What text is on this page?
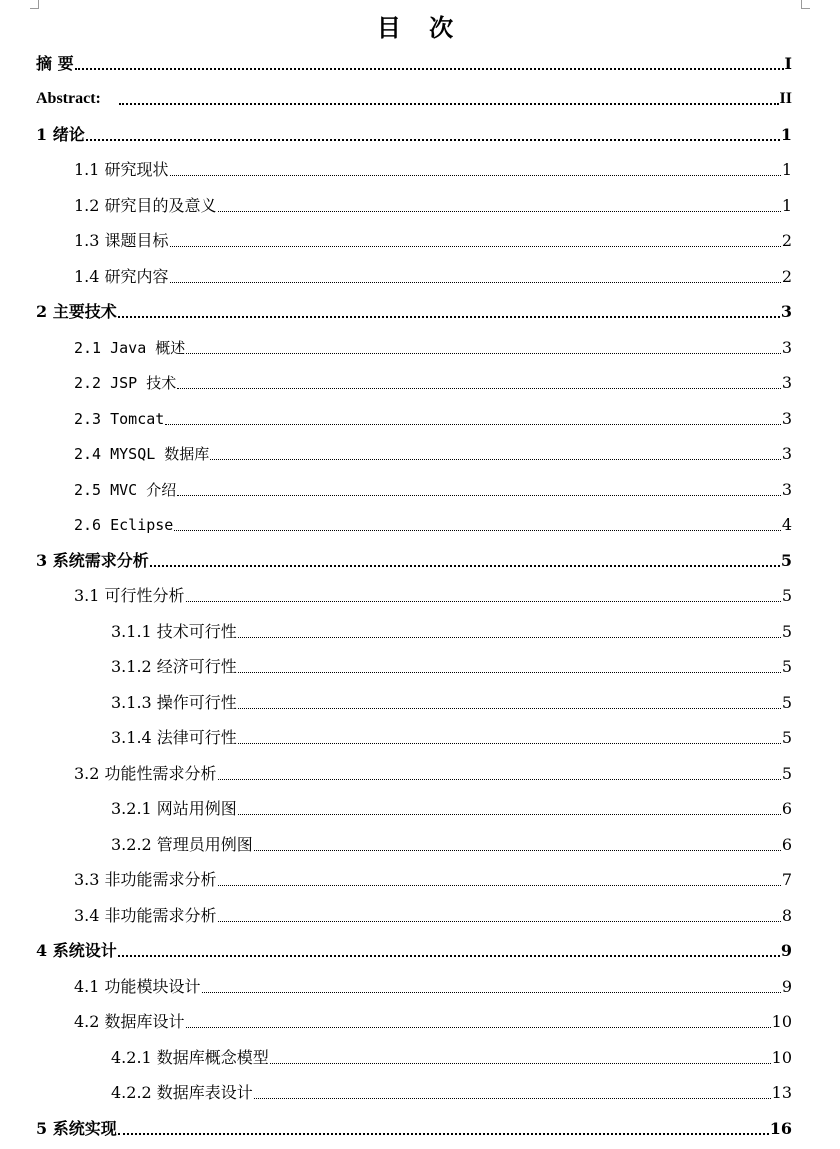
目 次
摘 要	I
Abstract:	II
1 绪论	1
1.1 研究现状	1
1.2 研究目的及意义	1
1.3 课题目标	2
1.4 研究内容	2
2 主要技术	3
2.1 Java 概述	3
2.2 JSP 技术	3
2.3 Tomcat	3
2.4 MYSQL 数据库	3
2.5 MVC 介绍	3
2.6 Eclipse	4
3 系统需求分析	5
3.1 可行性分析	5
3.1.1 技术可行性	5
3.1.2 经济可行性	5
3.1.3 操作可行性	5
3.1.4 法律可行性	5
3.2 功能性需求分析	5
3.2.1 网站用例图	6
3.2.2 管理员用例图	6
3.3 非功能需求分析	7
3.4 非功能需求分析	8
4 系统设计	9
4.1 功能模块设计	9
4.2 数据库设计	10
4.2.1 数据库概念模型	10
4.2.2 数据库表设计	13
5 系统实现	16
